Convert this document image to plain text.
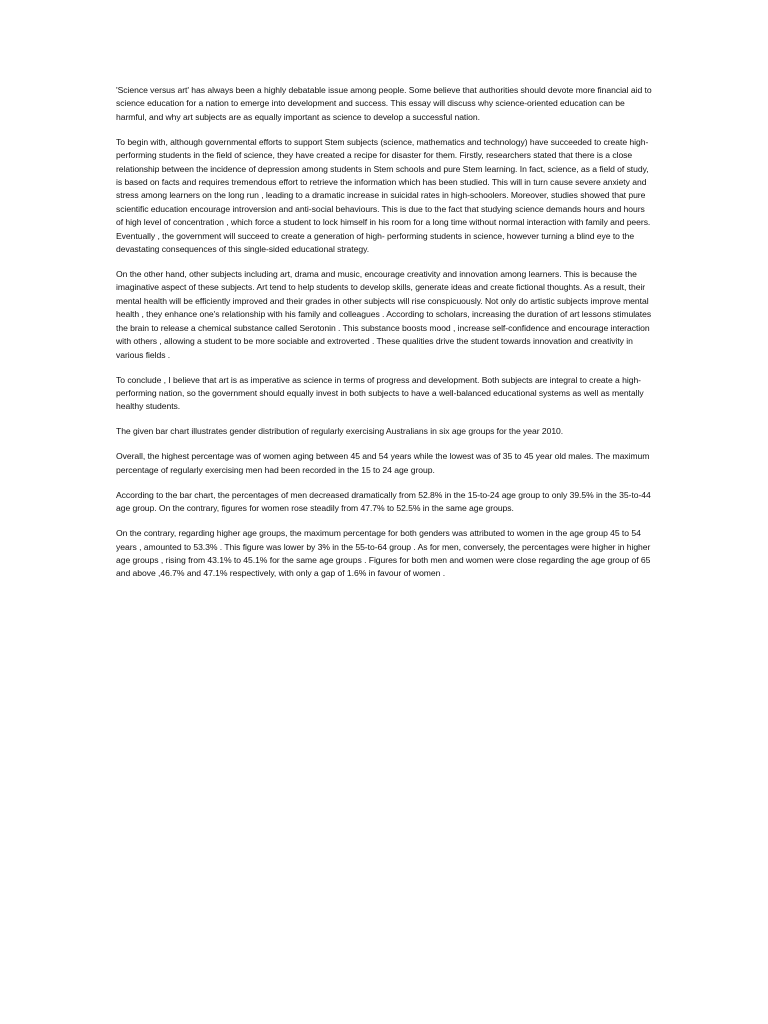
'Science versus art' has always been a highly debatable issue among people. Some believe that authorities should devote more financial aid to science education for a nation to emerge into development and success. This essay will discuss why science-oriented education can be harmful, and why art subjects are as equally important as science to develop a successful nation.

To begin with, although governmental efforts to support Stem subjects (science, mathematics and technology) have succeeded to create high-performing students in the field of science, they have created a recipe for disaster for them. Firstly, researchers stated that there is a close relationship between the incidence of depression among students in Stem schools and pure Stem learning. In fact, science, as a field of study, is based on facts and requires tremendous effort to retrieve the information which has been studied. This will in turn cause severe anxiety and stress among learners on the long run , leading to a dramatic increase in suicidal rates in high-schoolers. Moreover, studies showed that pure scientific education encourage introversion and anti-social behaviours. This is due to the fact that studying science demands hours and hours of high level of concentration , which force a student to lock himself in his room for a long time without normal interaction with family and peers. Eventually , the government will succeed to create a generation of high- performing students in science, however turning a blind eye to the devastating consequences of this single-sided educational strategy.

On the other hand, other subjects including art, drama and music, encourage creativity and innovation among learners. This is because the imaginative aspect of these subjects. Art tend to help students to develop skills, generate ideas and create fictional thoughts. As a result, their mental health will be efficiently improved and their grades in other subjects will rise conspicuously. Not only do artistic subjects improve mental health , they enhance one's relationship with his family and colleagues . According to scholars, increasing the duration of art lessons stimulates the brain to release a chemical substance called Serotonin . This substance boosts mood , increase self-confidence and encourage interaction with others , allowing a student to be more sociable and extroverted . These qualities drive the student towards innovation and creativity in various fields .

To conclude , I believe that art is as imperative as science in terms of progress and development. Both subjects are integral to create a high-performing nation, so the government should equally invest in both subjects to have a well-balanced educational systems as well as mentally healthy students.

The given bar chart illustrates gender distribution of regularly exercising Australians in six age groups for the year 2010.

Overall, the highest percentage was of women aging between 45 and 54 years while the lowest was of 35 to 45 year old males. The maximum percentage of regularly exercising men had been recorded in the 15 to 24 age group.

According to the bar chart, the percentages of men decreased dramatically from 52.8% in the 15-to-24 age group to only 39.5% in the 35-to-44 age group. On the contrary, figures for women rose steadily from 47.7% to 52.5% in the same age groups.

On the contrary, regarding higher age groups, the maximum percentage for both genders was attributed to women in the age group 45 to 54 years , amounted to 53.3% . This figure was lower by 3% in the 55-to-64 group . As for men, conversely, the percentages were higher in higher age groups , rising from 43.1% to 45.1% for the same age groups . Figures for both men and women were close regarding the age group of 65 and above ,46.7% and 47.1% respectively, with only a gap of 1.6% in favour of women .
